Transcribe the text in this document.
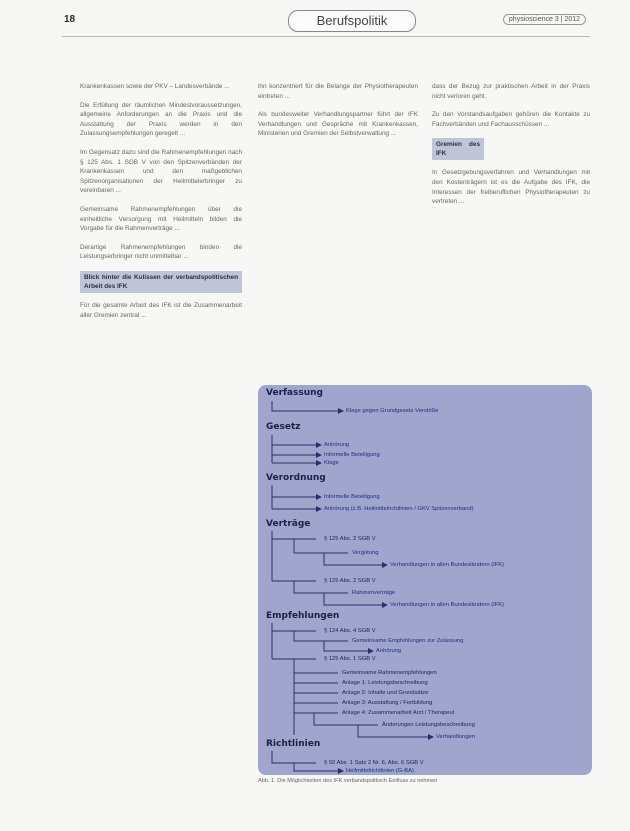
18	Berufspolitik	physioscience 3 | 2012

Krankenkassen sowie der PKV – Landesverbände ...

Die Erfüllung der räumlichen Mindestvoraussetzungen, allgemeine Anforderungen an die Praxis und die Ausstattung der Praxis werden in den Zulassungsempfehlungen geregelt ...

Im Gegensatz dazu sind die Rahmenempfehlungen nach § 125 Abs. 1 SGB V von den Spitzenverbänden der Krankenkassen und den maßgeblichen Spitzenorganisationen der Heilmittelerbringer zu vereinbaren ...

Gemeinsame Rahmenempfehlungen über die einheitliche Versorgung mit Heilmitteln bilden die Vorgabe für die Rahmenverträge ...

Derartige Rahmenempfehlungen binden die Leistungserbringer nicht unmittelbar ...

Blick hinter die Kulissen der verbandspolitischen Arbeit des IFK

Für die gesamte Arbeit des IFK ist die Zusammenarbeit aller Gremien zentral ...

ihn konzentriert für die Belange der Physiotherapeuten eintreten ...

Als bundesweiter Verhandlungspartner führt der IFK Verhandlungen und Gespräche mit Krankenkassen, Ministerien und Gremien der Selbstverwaltung ...

dass der Bezug zur praktischen Arbeit in der Praxis nicht verloren geht.

Zu den Vorstandsaufgaben gehören die Kontakte zu Fachverbänden und Fachausschüssen ...

Gremien des IFK

In Gesetzgebungsverfahren und Verhandlungen mit den Kostenträgern ist es die Aufgabe des IFK, die Interessen der freiberuflichen Physiotherapeuten zu vertreten ...

Verfassung
Klage gegen Grundgesetz-Verstöße
Gesetz
Anhörung
Informelle Beteiligung
Klage
Verordnung
Informelle Beteiligung
Anhörung (z.B. Heilmittelrichtlinien / GKV Spitzenverband)
Verträge
§ 125 Abs. 2 SGB V
Vergütung
Verhandlungen in allen Bundesländern (IFK)
§ 125 Abs. 2 SGB V
Rahmenverträge
Verhandlungen in allen Bundesländern (IFK)
Empfehlungen
§ 124 Abs. 4 SGB V
Gemeinsame Empfehlungen zur Zulassung
Anhörung
§ 125 Abs. 1 SGB V
Gemeinsame Rahmenempfehlungen
Anlage 1: Leistungsbeschreibung
Anlage 2: Inhalte und Grundsätze
Anlage 3: Ausstattung / Fortbildung
Anlage 4: Zusammenarbeit Arzt / Therapeut
Änderungen Leistungsbeschreibung
Verhandlungen
Richtlinien
§ 92 Abs. 1 Satz 2 Nr. 6, Abs. 6 SGB V
Heilmittelrichtlinien (G-BA)
Abb. 1: Die Möglichkeiten des IFK verbandspolitisch Einfluss zu nehmen
